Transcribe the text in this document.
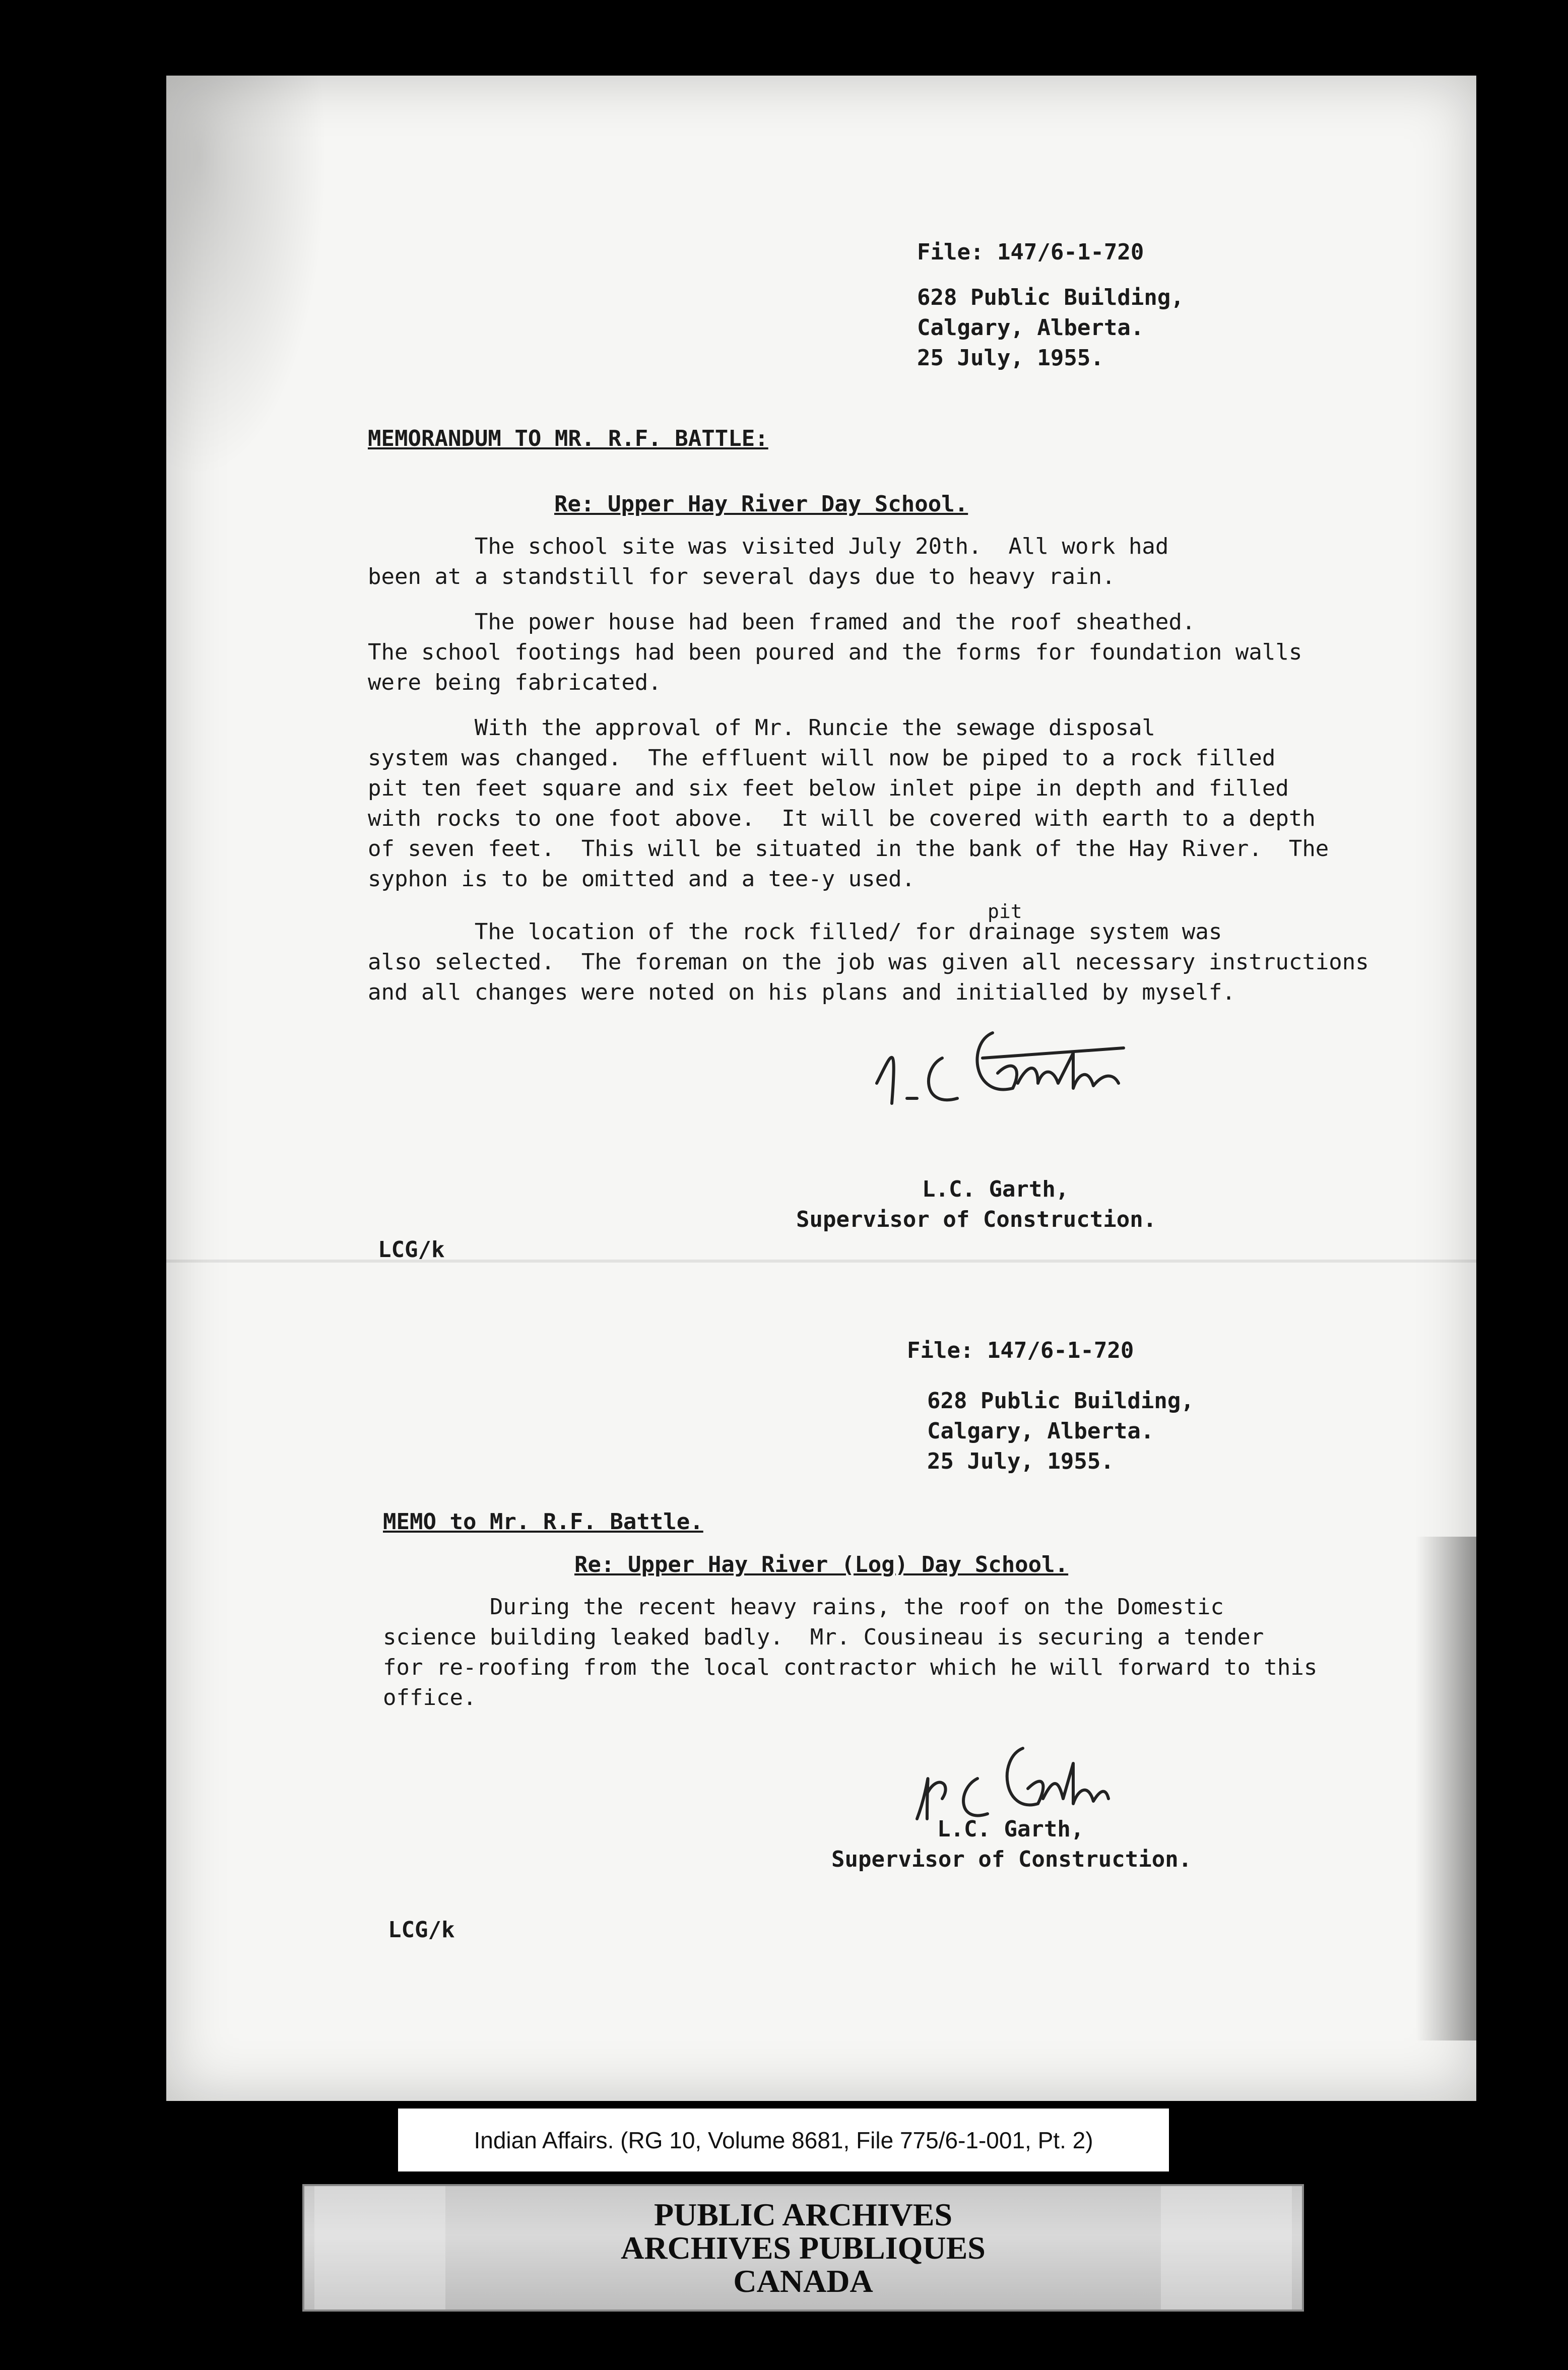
File: 147/6-1-720
628 Public Building,
Calgary, Alberta.
25 July, 1955.
MEMORANDUM TO MR. R.F. BATTLE:
Re: Upper Hay River Day School.
The school site was visited July 20th.  All work had
been at a standstill for several days due to heavy rain.
The power house had been framed and the roof sheathed.
The school footings had been poured and the forms for foundation walls
were being fabricated.
With the approval of Mr. Runcie the sewage disposal
system was changed.  The effluent will now be piped to a rock filled
pit ten feet square and six feet below inlet pipe in depth and filled
with rocks to one foot above.  It will be covered with earth to a depth
of seven feet.  This will be situated in the bank of the Hay River.  The
syphon is to be omitted and a tee-y used.
pit
The location of the rock filled/ for drainage system was
also selected.  The foreman on the job was given all necessary instructions
and all changes were noted on his plans and initialled by myself.
L.C. Garth,
Supervisor of Construction.
LCG/k
File: 147/6-1-720
628 Public Building,
Calgary, Alberta.
25 July, 1955.
MEMO to Mr. R.F. Battle.
Re: Upper Hay River (Log) Day School.
During the recent heavy rains, the roof on the Domestic
science building leaked badly.  Mr. Cousineau is securing a tender
for re-roofing from the local contractor which he will forward to this
office.
L.C. Garth,
Supervisor of Construction.
LCG/k
Indian Affairs. (RG 10, Volume 8681, File 775/6-1-001, Pt. 2)
PUBLIC ARCHIVES
ARCHIVES PUBLIQUES
CANADA
